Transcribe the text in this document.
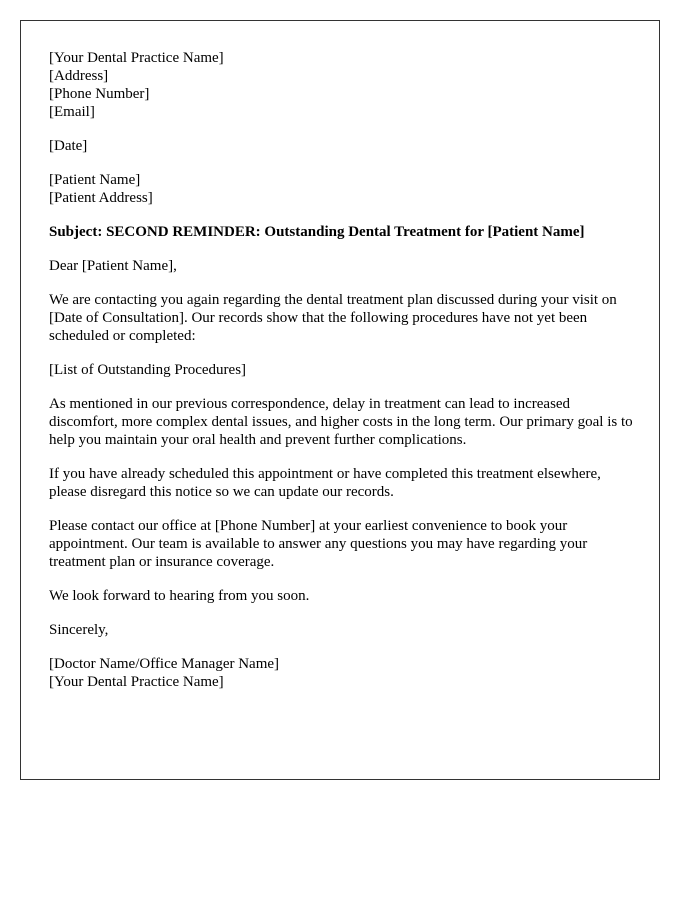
[Your Dental Practice Name]
[Address]
[Phone Number]
[Email]
[Date]
[Patient Name]
[Patient Address]

Subject: SECOND REMINDER: Outstanding Dental Treatment for [Patient Name]

Dear [Patient Name],

We are contacting you again regarding the dental treatment plan discussed during your visit on [Date of Consultation]. Our records show that the following procedures have not yet been scheduled or completed:

[List of Outstanding Procedures]

As mentioned in our previous correspondence, delay in treatment can lead to increased discomfort, more complex dental issues, and higher costs in the long term. Our primary goal is to help you maintain your oral health and prevent further complications.

If you have already scheduled this appointment or have completed this treatment elsewhere, please disregard this notice so we can update our records.

Please contact our office at [Phone Number] at your earliest convenience to book your appointment. Our team is available to answer any questions you may have regarding your treatment plan or insurance coverage.

We look forward to hearing from you soon.

Sincerely,

[Doctor Name/Office Manager Name]
[Your Dental Practice Name]
